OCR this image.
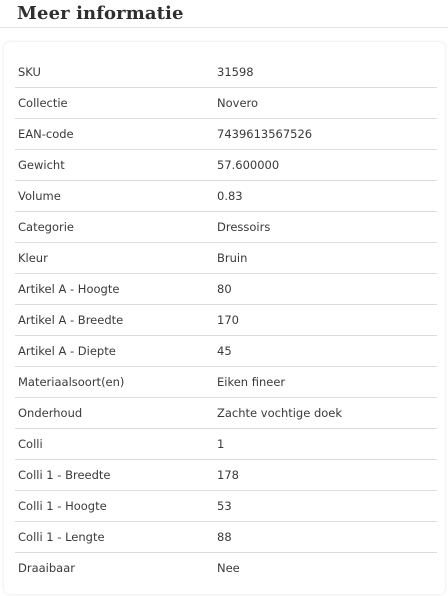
Meer informatie
SKU	31598
Collectie	Novero
EAN-code	7439613567526
Gewicht	57.600000
Volume	0.83
Categorie	Dressoirs
Kleur	Bruin
Artikel A - Hoogte	80
Artikel A - Breedte	170
Artikel A - Diepte	45
Materiaalsoort(en)	Eiken fineer
Onderhoud	Zachte vochtige doek
Colli	1
Colli 1 - Breedte	178
Colli 1 - Hoogte	53
Colli 1 - Lengte	88
Draaibaar	Nee
